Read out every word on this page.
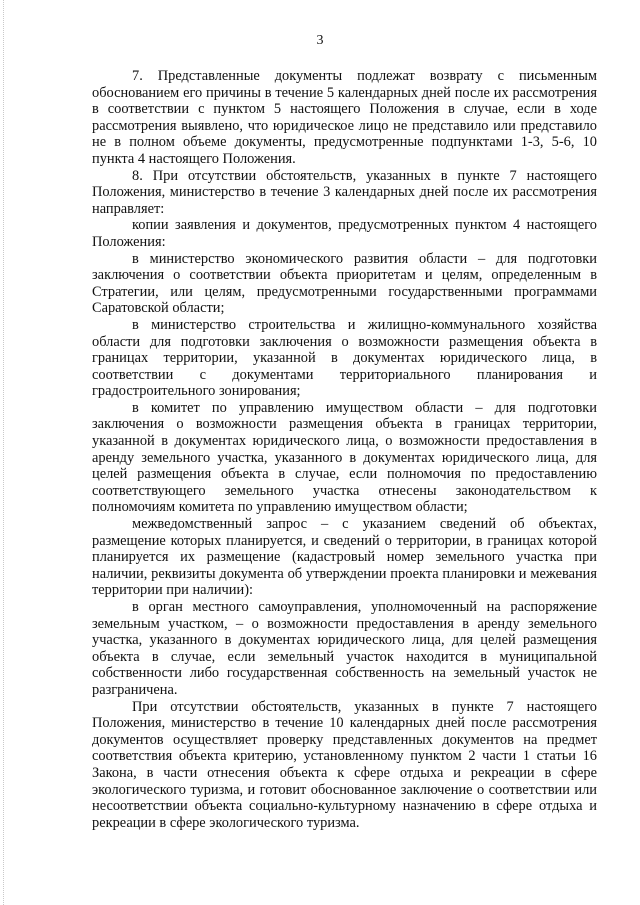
3

7. Представленные документы подлежат возврату с письменным обоснованием его причины в течение 5 календарных дней после их рассмотрения в соответствии с пунктом 5 настоящего Положения в случае, если в ходе рассмотрения выявлено, что юридическое лицо не представило или представило не в полном объеме документы, предусмотренные подпунктами 1-3, 5-6, 10 пункта 4 настоящего Положения.

8. При отсутствии обстоятельств, указанных в пункте 7 настоящего Положения, министерство в течение 3 календарных дней после их рассмотрения направляет:

копии заявления и документов, предусмотренных пунктом 4 настоящего Положения:

в министерство экономического развития области – для подготовки заключения о соответствии объекта приоритетам и целям, определенным в Стратегии, или целям, предусмотренными государственными программами Саратовской области;

в министерство строительства и жилищно-коммунального хозяйства области для подготовки заключения о возможности размещения объекта в границах территории, указанной в документах юридического лица, в соответствии с документами территориального планирования и градостроительного зонирования;

в комитет по управлению имуществом области – для подготовки заключения о возможности размещения объекта в границах территории, указанной в документах юридического лица, о возможности предоставления в аренду земельного участка, указанного в документах юридического лица, для целей размещения объекта в случае, если полномочия по предоставлению соответствующего земельного участка отнесены законодательством к полномочиям комитета по управлению имуществом области;

межведомственный запрос – с указанием сведений об объектах, размещение которых планируется, и сведений о территории, в границах которой планируется их размещение (кадастровый номер земельного участка при наличии, реквизиты документа об утверждении проекта планировки и межевания территории при наличии):

в орган местного самоуправления, уполномоченный на распоряжение земельным участком, – о возможности предоставления в аренду земельного участка, указанного в документах юридического лица, для целей размещения объекта в случае, если земельный участок находится в муниципальной собственности либо государственная собственность на земельный участок не разграничена.

При отсутствии обстоятельств, указанных в пункте 7 настоящего Положения, министерство в течение 10 календарных дней после рассмотрения документов осуществляет проверку представленных документов на предмет соответствия объекта критерию, установленному пунктом 2 части 1 статьи 16 Закона, в части отнесения объекта к сфере отдыха и рекреации в сфере экологического туризма, и готовит обоснованное заключение о соответствии или несоответствии объекта социально-культурному назначению в сфере отдыха и рекреации в сфере экологического туризма.
